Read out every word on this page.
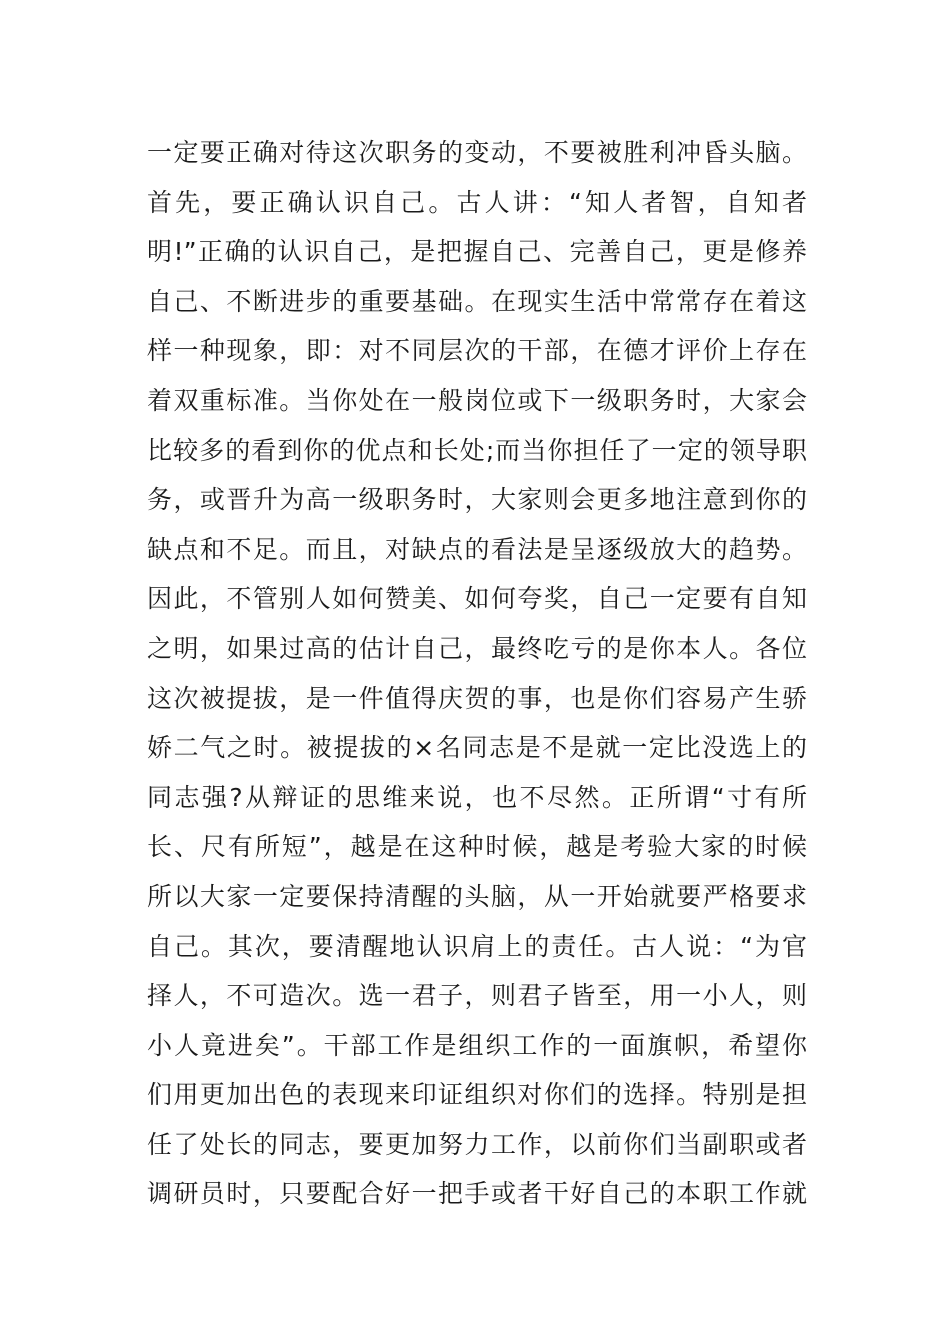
一定要正确对待这次职务的变动，不要被胜利冲昏头脑。
首先，要正确认识自己。古人讲：“知人者智，自知者
明!”正确的认识自己，是把握自己、完善自己，更是修养
自己、不断进步的重要基础。在现实生活中常常存在着这
样一种现象，即：对不同层次的干部，在德才评价上存在
着双重标准。当你处在一般岗位或下一级职务时，大家会
比较多的看到你的优点和长处;而当你担任了一定的领导职
务，或晋升为高一级职务时，大家则会更多地注意到你的
缺点和不足。而且，对缺点的看法是呈逐级放大的趋势。
因此，不管别人如何赞美、如何夸奖，自己一定要有自知
之明，如果过高的估计自己，最终吃亏的是你本人。各位
这次被提拔，是一件值得庆贺的事，也是你们容易产生骄
娇二气之时。被提拔的×名同志是不是就一定比没选上的
同志强?从辩证的思维来说，也不尽然。正所谓“寸有所
长、尺有所短”，越是在这种时候，越是考验大家的时候
所以大家一定要保持清醒的头脑，从一开始就要严格要求
自己。其次，要清醒地认识肩上的责任。古人说：“为官
择人，不可造次。选一君子，则君子皆至，用一小人，则
小人竟进矣”。干部工作是组织工作的一面旗帜，希望你
们用更加出色的表现来印证组织对你们的选择。特别是担
任了处长的同志，要更加努力工作，以前你们当副职或者
调研员时，只要配合好一把手或者干好自己的本职工作就
